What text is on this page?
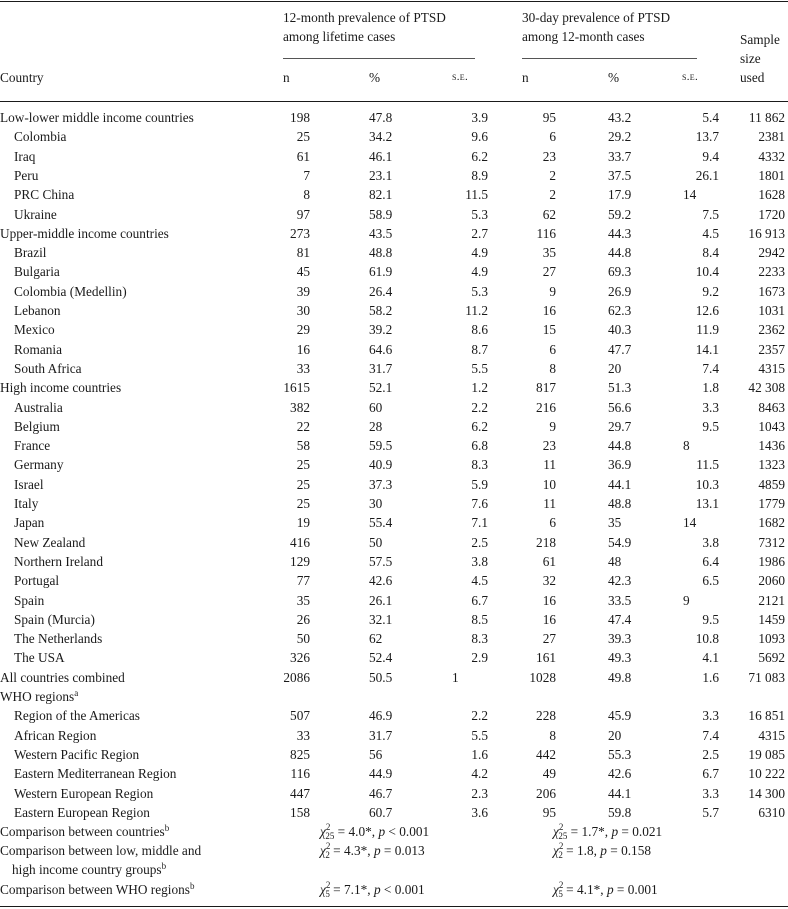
12-month prevalence of PTSD
among lifetime cases
30-day prevalence of PTSD
among 12-month cases
Country	n	%	s.e.	n	%	s.e.
Sample
size
used
Low-lower middle income countries	198	47.8	3.9	95	43.2	5.4	11 862
Colombia	25	34.2	9.6	6	29.2	13.7	2381
Iraq	61	46.1	6.2	23	33.7	9.4	4332
Peru	7	23.1	8.9	2	37.5	26.1	1801
PRC China	8	82.1	11.5	2	17.9	14	1628
Ukraine	97	58.9	5.3	62	59.2	7.5	1720
Upper-middle income countries	273	43.5	2.7	116	44.3	4.5	16 913
Brazil	81	48.8	4.9	35	44.8	8.4	2942
Bulgaria	45	61.9	4.9	27	69.3	10.4	2233
Colombia (Medellin)	39	26.4	5.3	9	26.9	9.2	1673
Lebanon	30	58.2	11.2	16	62.3	12.6	1031
Mexico	29	39.2	8.6	15	40.3	11.9	2362
Romania	16	64.6	8.7	6	47.7	14.1	2357
South Africa	33	31.7	5.5	8	20	7.4	4315
High income countries	1615	52.1	1.2	817	51.3	1.8	42 308
Australia	382	60	2.2	216	56.6	3.3	8463
Belgium	22	28	6.2	9	29.7	9.5	1043
France	58	59.5	6.8	23	44.8	8	1436
Germany	25	40.9	8.3	11	36.9	11.5	1323
Israel	25	37.3	5.9	10	44.1	10.3	4859
Italy	25	30	7.6	11	48.8	13.1	1779
Japan	19	55.4	7.1	6	35	14	1682
New Zealand	416	50	2.5	218	54.9	3.8	7312
Northern Ireland	129	57.5	3.8	61	48	6.4	1986
Portugal	77	42.6	4.5	32	42.3	6.5	2060
Spain	35	26.1	6.7	16	33.5	9	2121
Spain (Murcia)	26	32.1	8.5	16	47.4	9.5	1459
The Netherlands	50	62	8.3	27	39.3	10.8	1093
The USA	326	52.4	2.9	161	49.3	4.1	5692
All countries combined	2086	50.5	1	1028	49.8	1.6	71 083
WHO regions$^a$
Region of the Americas	507	46.9	2.2	228	45.9	3.3	16 851
African Region	33	31.7	5.5	8	20	7.4	4315
Western Pacific Region	825	56	1.6	442	55.3	2.5	19 085
Eastern Mediterranean Region	116	44.9	4.2	49	42.6	6.7	10 222
Western European Region	447	46.7	2.3	206	44.1	3.3	14 300
Eastern European Region	158	60.7	3.6	95	59.8	5.7	6310
Comparison between countries$^b$	$\chi^2_{25} = 4.0*$, p < 0.001	$\chi^2_{25} = 1.7*$, p = 0.021
Comparison between low, middle and
high income country groups$^b$
$\chi^2_2 = 4.3*$, p = 0.013	$\chi^2_2 = 1.8$, p = 0.158
Comparison between WHO regions$^b$	$\chi^2_5 = 7.1*$, p < 0.001	$\chi^2_5 = 4.1*$, p = 0.001
